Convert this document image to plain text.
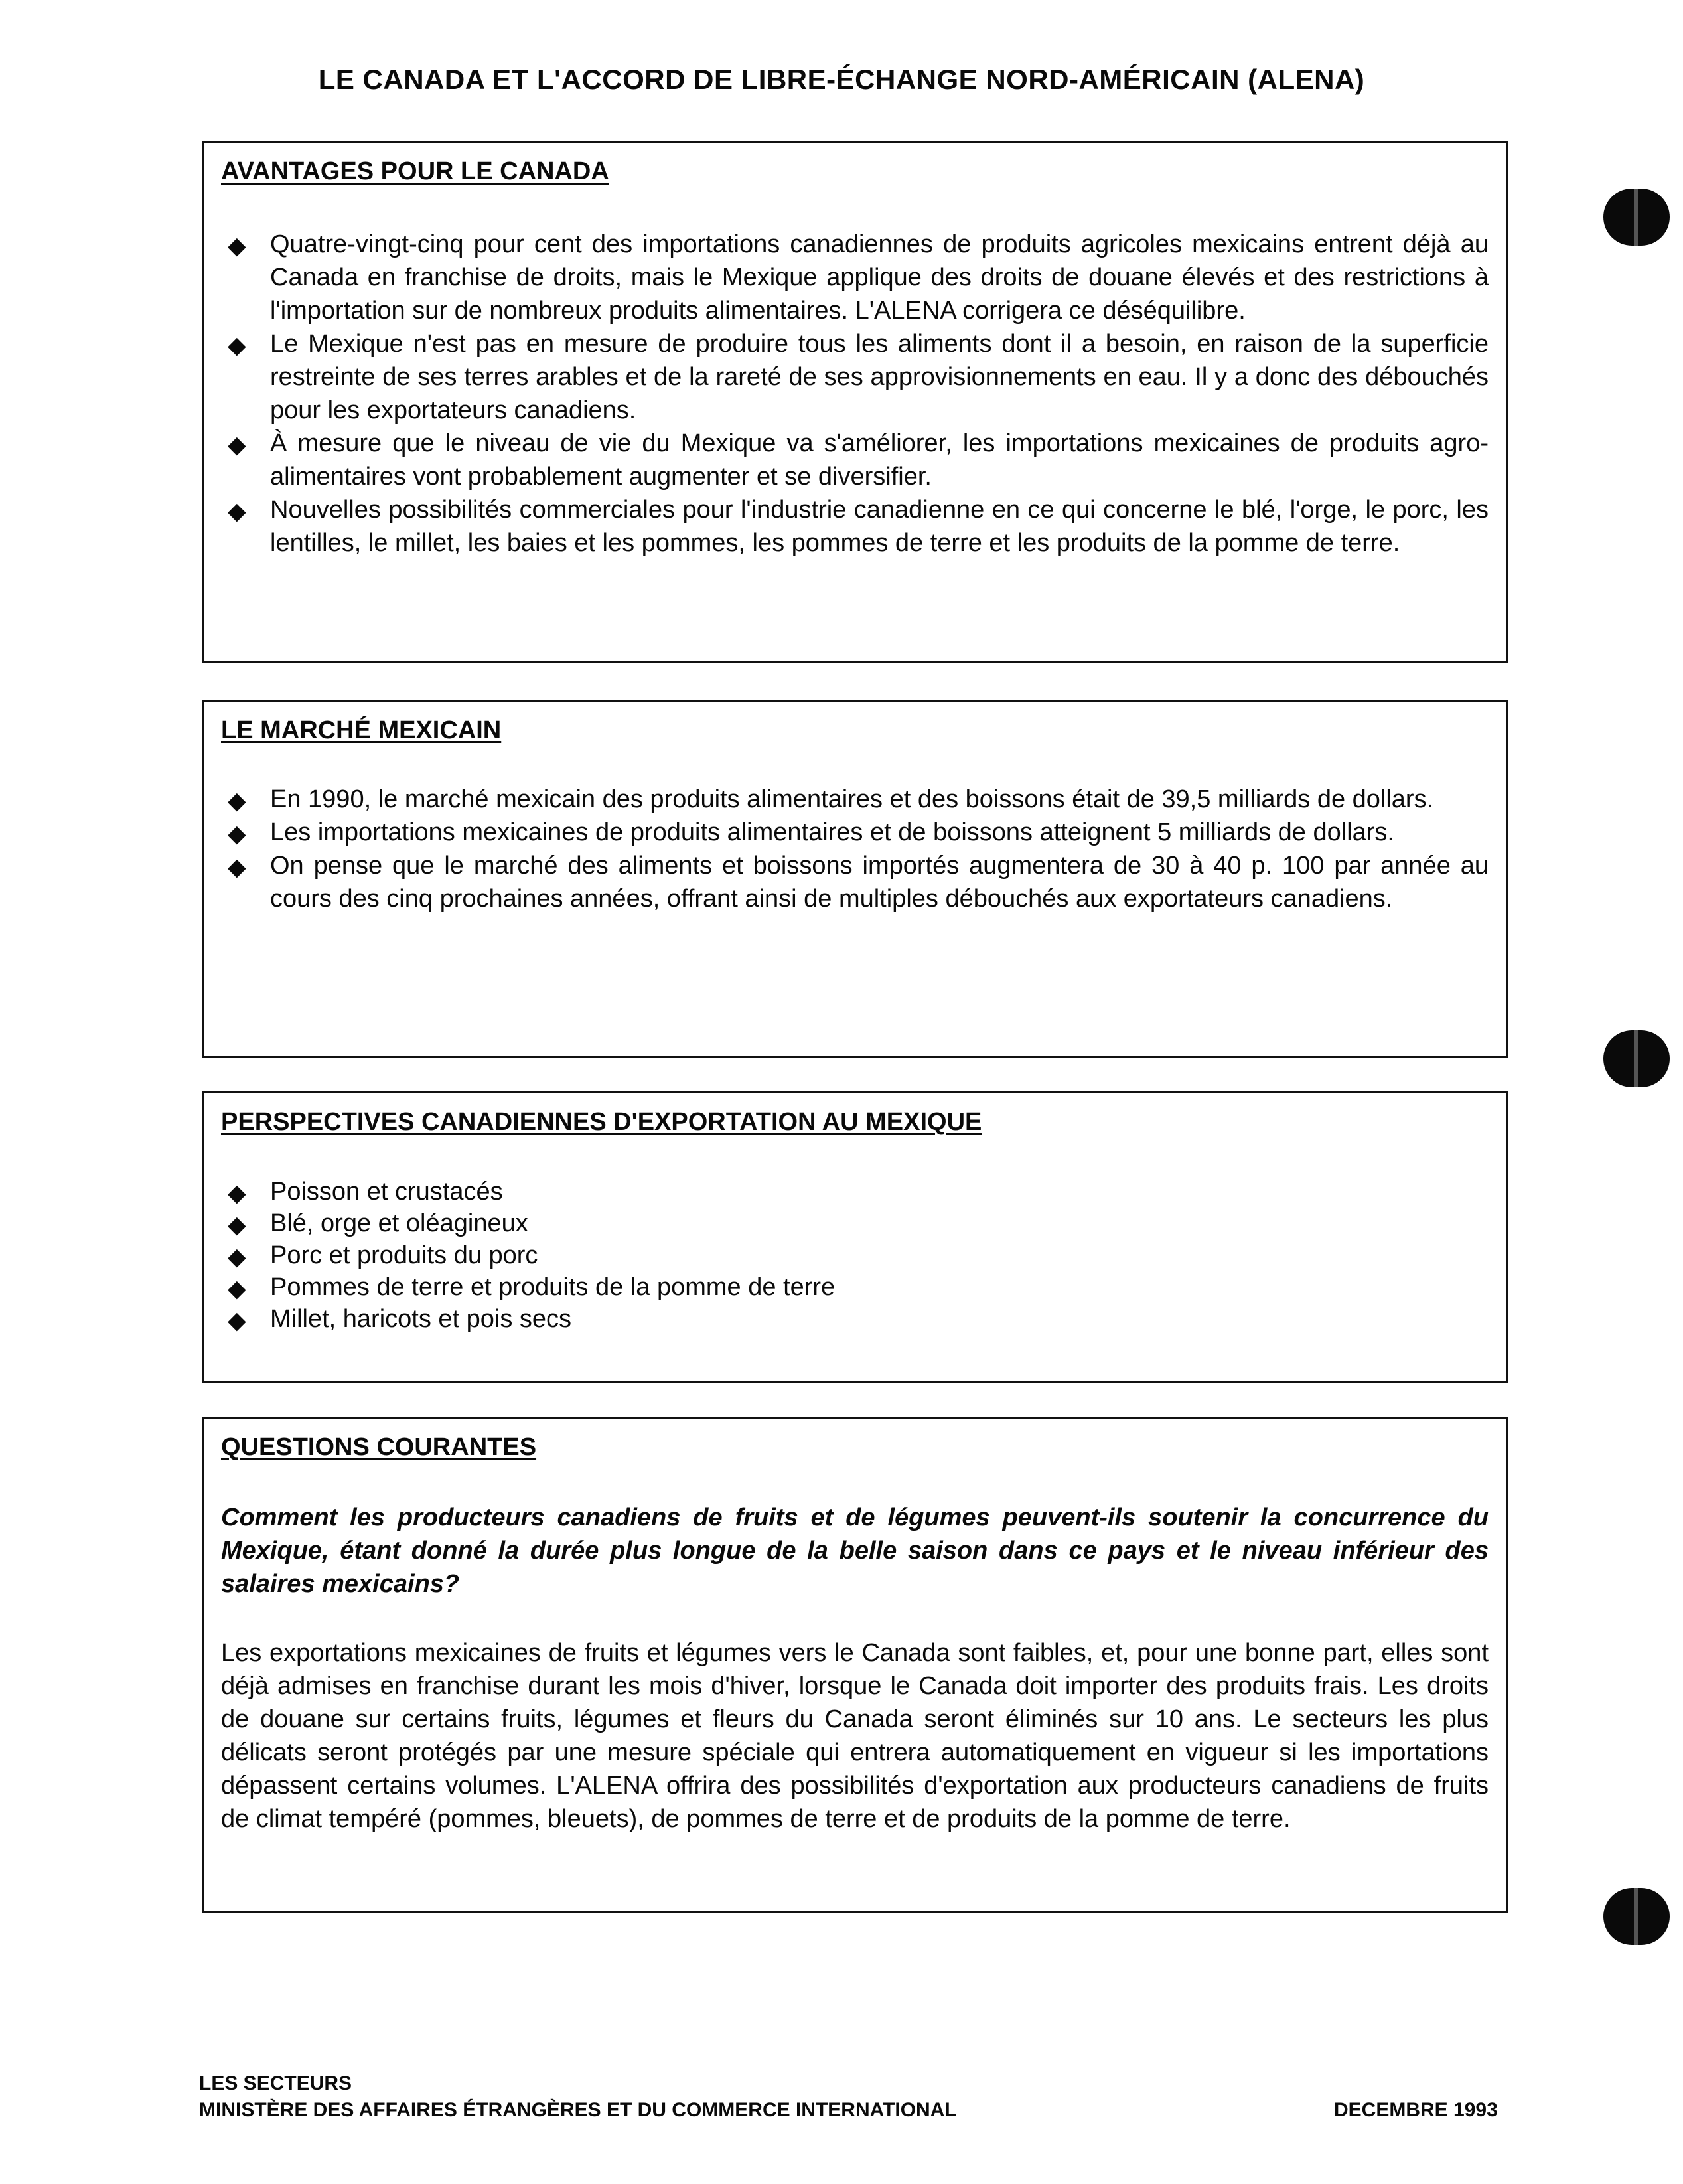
LE CANADA ET L'ACCORD DE LIBRE-ÉCHANGE NORD-AMÉRICAIN (ALENA)
AVANTAGES POUR LE CANADA
◆ Quatre-vingt-cinq pour cent des importations canadiennes de produits agricoles mexicains entrent déjà au Canada en franchise de droits, mais le Mexique applique des droits de douane élevés et des restrictions à l'importation sur de nombreux produits alimentaires. L'ALENA corrigera ce déséquilibre.
◆ Le Mexique n'est pas en mesure de produire tous les aliments dont il a besoin, en raison de la superficie restreinte de ses terres arables et de la rareté de ses approvisionnements en eau. Il y a donc des débouchés pour les exportateurs canadiens.
◆ À mesure que le niveau de vie du Mexique va s'améliorer, les importations mexicaines de produits agro-alimentaires vont probablement augmenter et se diversifier.
◆ Nouvelles possibilités commerciales pour l'industrie canadienne en ce qui concerne le blé, l'orge, le porc, les lentilles, le millet, les baies et les pommes, les pommes de terre et les produits de la pomme de terre.
LE MARCHÉ MEXICAIN
◆ En 1990, le marché mexicain des produits alimentaires et des boissons était de 39,5 milliards de dollars.
◆ Les importations mexicaines de produits alimentaires et de boissons atteignent 5 milliards de dollars.
◆ On pense que le marché des aliments et boissons importés augmentera de 30 à 40 p. 100 par année au cours des cinq prochaines années, offrant ainsi de multiples débouchés aux exportateurs canadiens.
PERSPECTIVES CANADIENNES D'EXPORTATION AU MEXIQUE
◆ Poisson et crustacés
◆ Blé, orge et oléagineux
◆ Porc et produits du porc
◆ Pommes de terre et produits de la pomme de terre
◆ Millet, haricots et pois secs
QUESTIONS COURANTES
Comment les producteurs canadiens de fruits et de légumes peuvent-ils soutenir la concurrence du Mexique, étant donné la durée plus longue de la belle saison dans ce pays et le niveau inférieur des salaires mexicains?
Les exportations mexicaines de fruits et légumes vers le Canada sont faibles, et, pour une bonne part, elles sont déjà admises en franchise durant les mois d'hiver, lorsque le Canada doit importer des produits frais. Les droits de douane sur certains fruits, légumes et fleurs du Canada seront éliminés sur 10 ans. Le secteurs les plus délicats seront protégés par une mesure spéciale qui entrera automatiquement en vigueur si les importations dépassent certains volumes. L'ALENA offrira des possibilités d'exportation aux producteurs canadiens de fruits de climat tempéré (pommes, bleuets), de pommes de terre et de produits de la pomme de terre.
LES SECTEURS
MINISTÈRE DES AFFAIRES ÉTRANGÈRES ET DU COMMERCE INTERNATIONAL	DECEMBRE 1993
